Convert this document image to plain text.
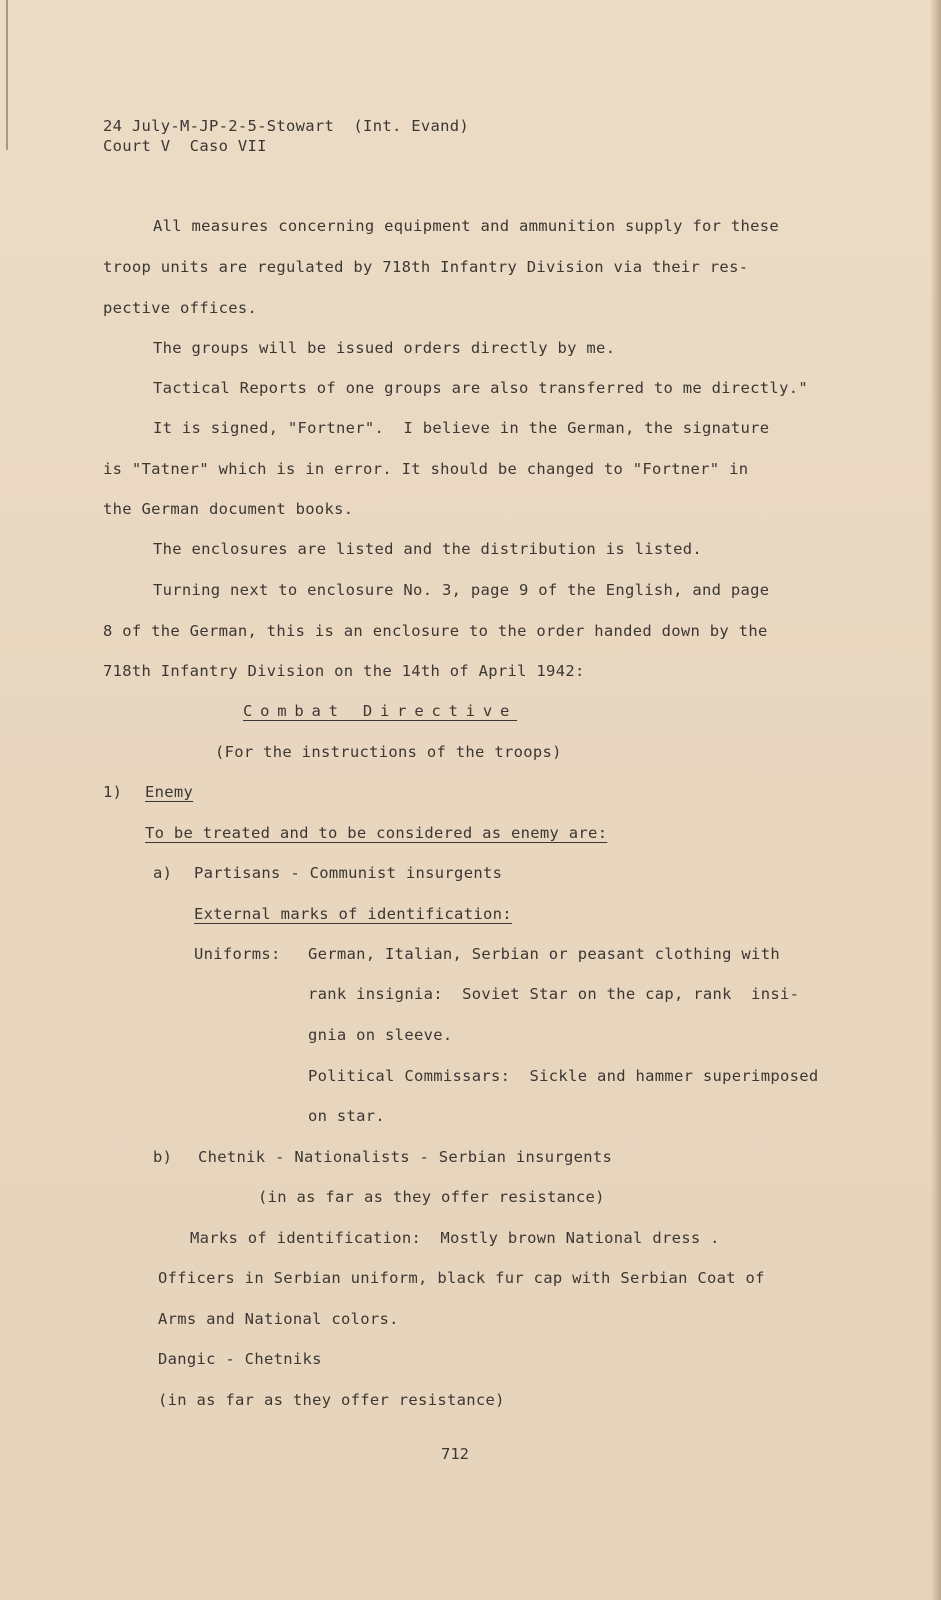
24 July-M-JP-2-5-Stowart  (Int. Evand)
Court V  Caso VII
All measures concerning equipment and ammunition supply for these
troop units are regulated by 718th Infantry Division via their res-
pective offices.
The groups will be issued orders directly by me.
Tactical Reports of one groups are also transferred to me directly."
It is signed, "Fortner".  I believe in the German, the signature
is "Tatner" which is in error. It should be changed to "Fortner" in
the German document books.
The enclosures are listed and the distribution is listed.
Turning next to enclosure No. 3, page 9 of the English, and page
8 of the German, this is an enclosure to the order handed down by the
718th Infantry Division on the 14th of April 1942:
Combat Directive
(For the instructions of the troops)
1) Enemy
To be treated and to be considered as enemy are:
a) Partisans - Communist insurgents
External marks of identification:
Uniforms: German, Italian, Serbian or peasant clothing with
rank insignia:  Soviet Star on the cap, rank  insi-
gnia on sleeve.
Political Commissars:  Sickle and hammer superimposed
on star.
b) Chetnik - Nationalists - Serbian insurgents
(in as far as they offer resistance)
Marks of identification:  Mostly brown National dress .
Officers in Serbian uniform, black fur cap with Serbian Coat of
Arms and National colors.
Dangic - Chetniks
(in as far as they offer resistance)
712
